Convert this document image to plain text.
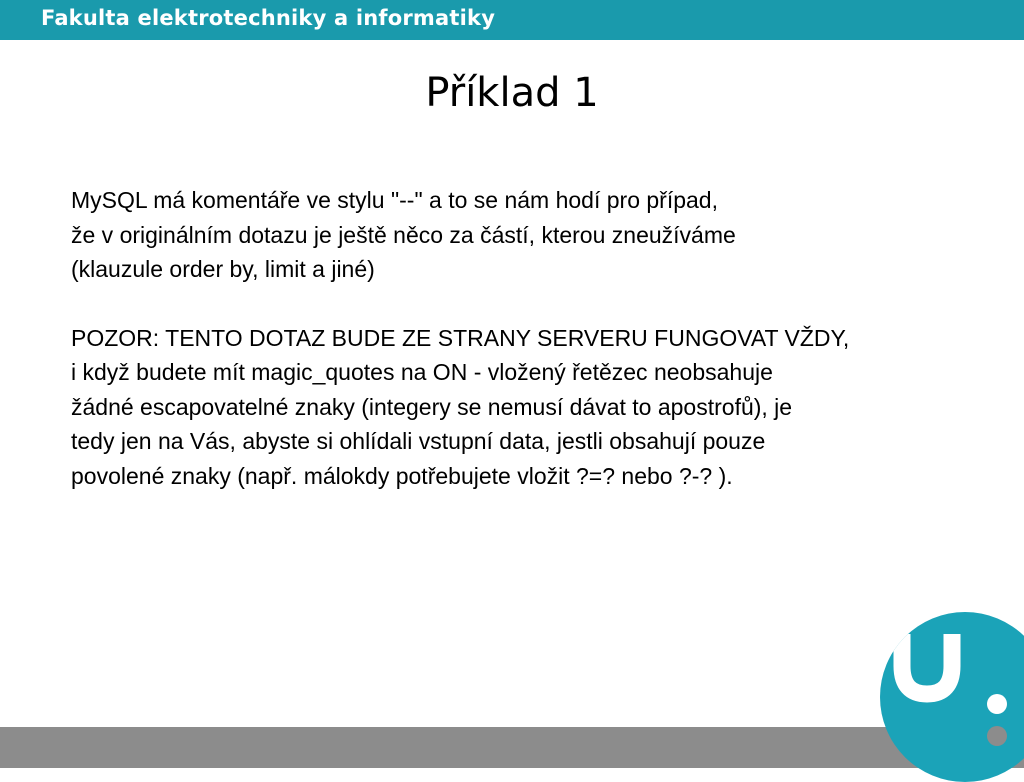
Fakulta elektrotechniky a informatiky
Příklad 1
MySQL má komentáře ve stylu "--" a to se nám hodí pro případ,
že v originálním dotazu je ještě něco za částí, kterou zneužíváme
(klauzule order by, limit a jiné)
POZOR: TENTO DOTAZ BUDE ZE STRANY SERVERU FUNGOVAT VŽDY,
i když budete mít magic_quotes na ON - vložený řetězec neobsahuje
žádné escapovatelné znaky (integery se nemusí dávat to apostrofů), je
tedy jen na Vás, abyste si ohlídali vstupní data, jestli obsahují pouze
povolené znaky (např. málokdy potřebujete vložit ?=? nebo ?-? ).
